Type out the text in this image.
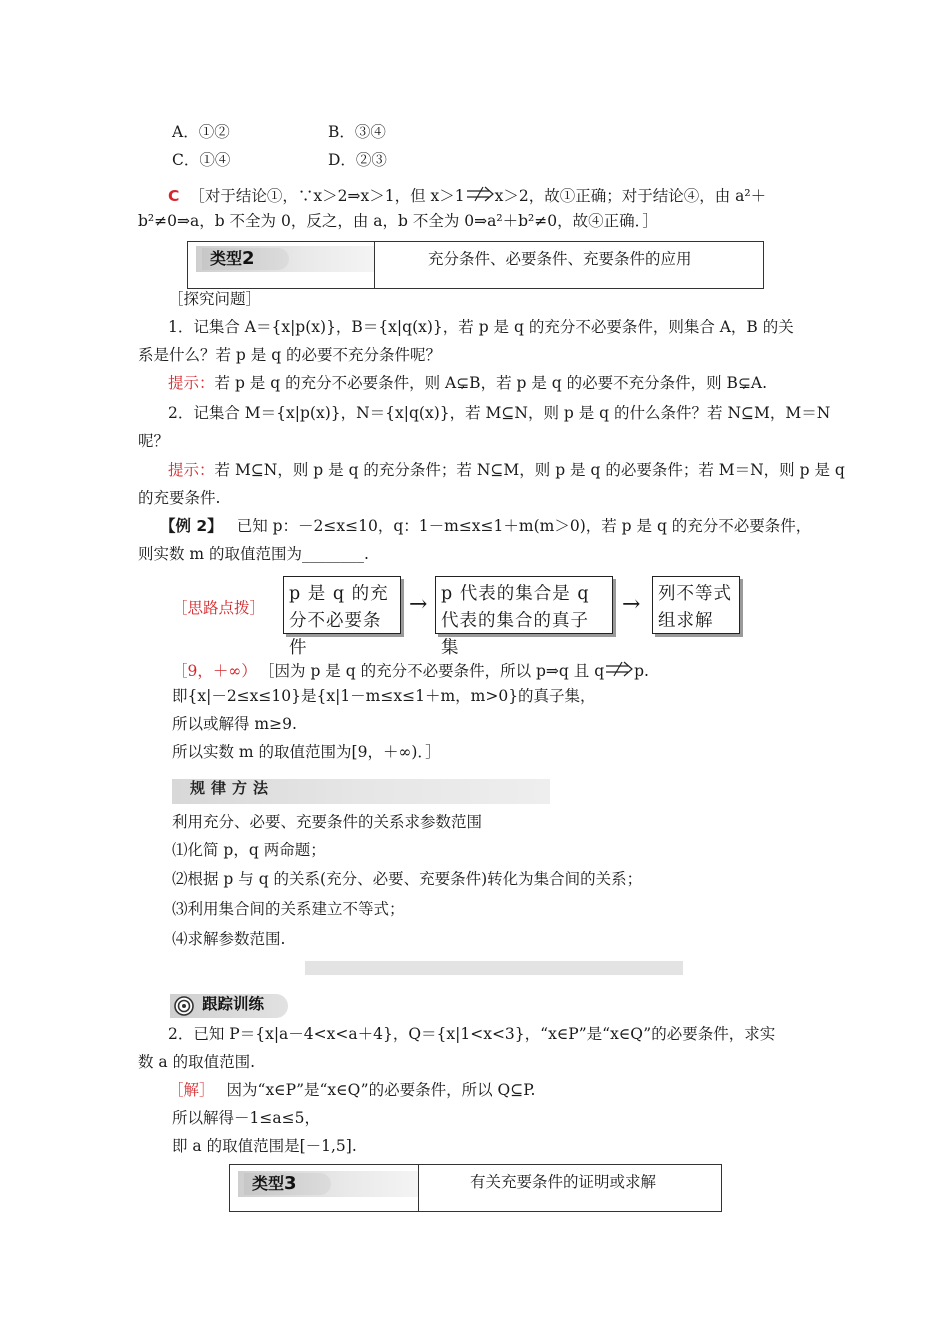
A．①②	B．③④
C．①④	D．②③
C ［对于结论①，∵x＞2⇒x＞1，但 x＞1 x＞2，故①正确；对于结论④，由 a²＋
b²≠0⇒a，b 不全为 0，反之，由 a，b 不全为 0⇒a²＋b²≠0，故④正确．］
类型2	充分条件、必要条件、充要条件的应用
［探究问题］
1．记集合 A＝{x|p(x)}，B＝{x|q(x)}，若 p 是 q 的充分不必要条件，则集合 A，B 的关
系是什么？若 p 是 q 的必要不充分条件呢？
提示：若 p 是 q 的充分不必要条件，则 A⊊B，若 p 是 q 的必要不充分条件，则 B⊊A.
2．记集合 M＝{x|p(x)}，N＝{x|q(x)}，若 M⊆N，则 p 是 q 的什么条件？若 N⊆M，M＝N
呢？
提示：若 M⊆N，则 p 是 q 的充分条件；若 N⊆M，则 p 是 q 的必要条件；若 M＝N，则 p 是 q
的充要条件.
【例 2】 已知 p：－2≤x≤10，q：1－m≤x≤1＋m(m＞0)，若 p 是 q 的充分不必要条件，
则实数 m 的取值范围为________.
［思路点拨］
p 是 q 的充分不必要条件
→ p 代表的集合是 q 代表的集合的真子集
→	列不等式组求解
［9，＋∞） ［因为 p 是 q 的充分不必要条件，所以 p⇒q 且 q p.
即{x|－2≤x≤10}是{x|1－m≤x≤1＋m，m>0}的真子集，
所以或解得 m≥9.
所以实数 m 的取值范围为[9，＋∞)．］
规律方法
利用充分、必要、充要条件的关系求参数范围
⑴化简 p，q 两命题；
⑵根据 p 与 q 的关系(充分、必要、充要条件)转化为集合间的关系；
⑶利用集合间的关系建立不等式；
⑷求解参数范围.
跟踪训练
2．已知 P＝{x|a－4<x<a＋4}，Q＝{x|1<x<3}，“x∈P”是“x∈Q”的必要条件，求实
数 a 的取值范围.
［解］ 因为“x∈P”是“x∈Q”的必要条件，所以 Q⊆P.
所以解得－1≤a≤5，
即 a 的取值范围是[－1,5].
类型3	有关充要条件的证明或求解
